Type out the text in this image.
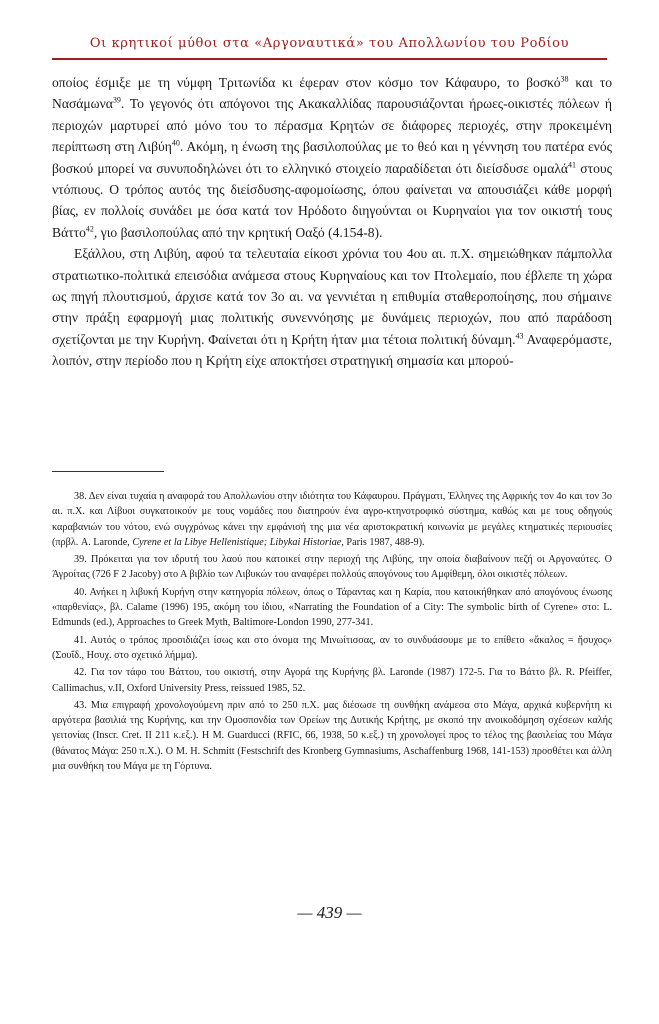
Οι κρητικοί μύθοι στα «Αργοναυτικά» του Απολλωνίου του Ροδίου

οποίος έσμιξε με τη νύμφη Τριτωνίδα κι έφεραν στον κόσμο τον Κάφαυρο, το βοσκό$^{38}$ και το Νασάμωνα$^{39}$. Το γεγονός ότι απόγονοι της Ακακαλλίδας παρουσιάζονται ήρωες-οικιστές πόλεων ή περιοχών μαρτυρεί από μόνο του το πέρασμα Κρητών σε διάφορες περιοχές, στην προκειμένη περίπτωση στη Λιβύη$^{40}$. Ακόμη, η ένωση της βασιλοπούλας με το θεό και η γέννηση του πατέρα ενός βοσκού μπορεί να συνυποδηλώνει ότι το ελληνικό στοιχείο παραδίδεται ότι διείσδυσε ομαλά$^{41}$ στους ντόπιους. Ο τρόπος αυτός της διείσδυσης-αφομοίωσης, όπου φαίνεται να απουσιάζει κάθε μορφή βίας, εν πολλοίς συνάδει με όσα κατά τον Ηρόδοτο διηγούνται οι Κυρηναίοι για τον οικιστή τους Βάττο$^{42}$, γιο βασιλοπούλας από την κρητική Οαξό (4.154-8).

Εξάλλου, στη Λιβύη, αφού τα τελευταία είκοσι χρόνια του 4ου αι. π.Χ. σημειώθηκαν πάμπολλα στρατιωτικο-πολιτικά επεισόδια ανάμεσα στους Κυρηναίους και τον Πτολεμαίο, που έβλεπε τη χώρα ως πηγή πλουτισμού, άρχισε κατά τον 3ο αι. να γεννιέται η επιθυμία σταθεροποίησης, που σήμαινε στην πράξη εφαρμογή μιας πολιτικής συνεννόησης με δυνάμεις περιοχών, που από παράδοση σχετίζονται με την Κυρήνη. Φαίνεται ότι η Κρήτη ήταν μια τέτοια πολιτική δύναμη.$^{43}$ Αναφερόμαστε, λοιπόν, στην περίοδο που η Κρήτη είχε αποκτήσει στρατηγική σημασία και μπορού-

38. Δεν είναι τυχαία η αναφορά του Απολλωνίου στην ιδιότητα του Κάφαυρου. Πράγματι, Έλληνες της Αφρικής τον 4ο και τον 3ο αι. π.Χ. και Λίβυοι συγκατοικούν με τους νομάδες που διατηρούν ένα αγρο-κτηνοτροφικό σύστημα, καθώς και με τους οδηγούς καραβανιών του νότου, ενώ συγχρόνως κάνει την εμφάνισή της μια νέα αριστοκρατική κοινωνία με μεγάλες κτηματικές περιουσίες (πρβλ. A. Laronde, Cyrene et la Libye Hellenistique; Libykai Historiae, Paris 1987, 488-9).

39. Πρόκειται για τον ιδρυτή του λαού που κατοικεί στην περιοχή της Λιβύης, την οποία διαβαίνουν πεζή οι Αργοναύτες. Ο Άγροίτας (726 F 2 Jacoby) στο Α βιβλίο των Λιβυκών του αναφέρει πολλούς απογόνους του Αμφίθεμη, όλοι οικιστές πόλεων.

40. Ανήκει η λιβυκή Κυρήνη στην κατηγορία πόλεων, όπως ο Τάραντας και η Καρία, που κατοικήθηκαν από απογόνους ένωσης «παρθενίας», βλ. Calame (1996) 195, ακόμη του ίδιου, «Narrating the Foundation of a City: The symbolic birth of Cyrene» στο: L. Edmunds (ed.), Approaches to Greek Myth, Baltimore-London 1990, 277-341.

41. Αυτός ο τρόπος προσιδιάζει ίσως και στο όνομα της Μινωίτισσας, αν το συνδυάσουμε με το επίθετο «ἄκαλος = ἥσυχος» (Σουΐδ., Ησυχ. στο σχετικό λήμμα).

42. Για τον τάφο του Βάττου, του οικιστή, στην Αγορά της Κυρήνης βλ. Laronde (1987) 172-5. Για το Βάττο βλ. R. Pfeiffer, Callimachus, v.II, Oxford University Press, reissued 1985, 52.

43. Μια επιγραφή χρονολογούμενη πριν από το 250 π.Χ. μας διέσωσε τη συνθήκη ανάμεσα στο Μάγα, αρχικά κυβερνήτη κι αργότερα βασιλιά της Κυρήνης, και την Ομοσπονδία των Ορείων της Δυτικής Κρήτης, με σκοπό την ανοικοδόμηση σχέσεων καλής γειτονίας (Inscr. Cret. II 211 κ.εξ.). Η M. Guarducci (RFIC, 66, 1938, 50 κ.εξ.) τη χρονολογεί προς το τέλος της βασιλείας του Μάγα (θάνατος Μάγα: 250 π.Χ.). Ο M. H. Schmitt (Festschrift des Kronberg Gymnasiums, Aschaffenburg 1968, 141-153) προσθέτει και άλλη μια συνθήκη του Μάγα με τη Γόρτυνα.

— 439 —
